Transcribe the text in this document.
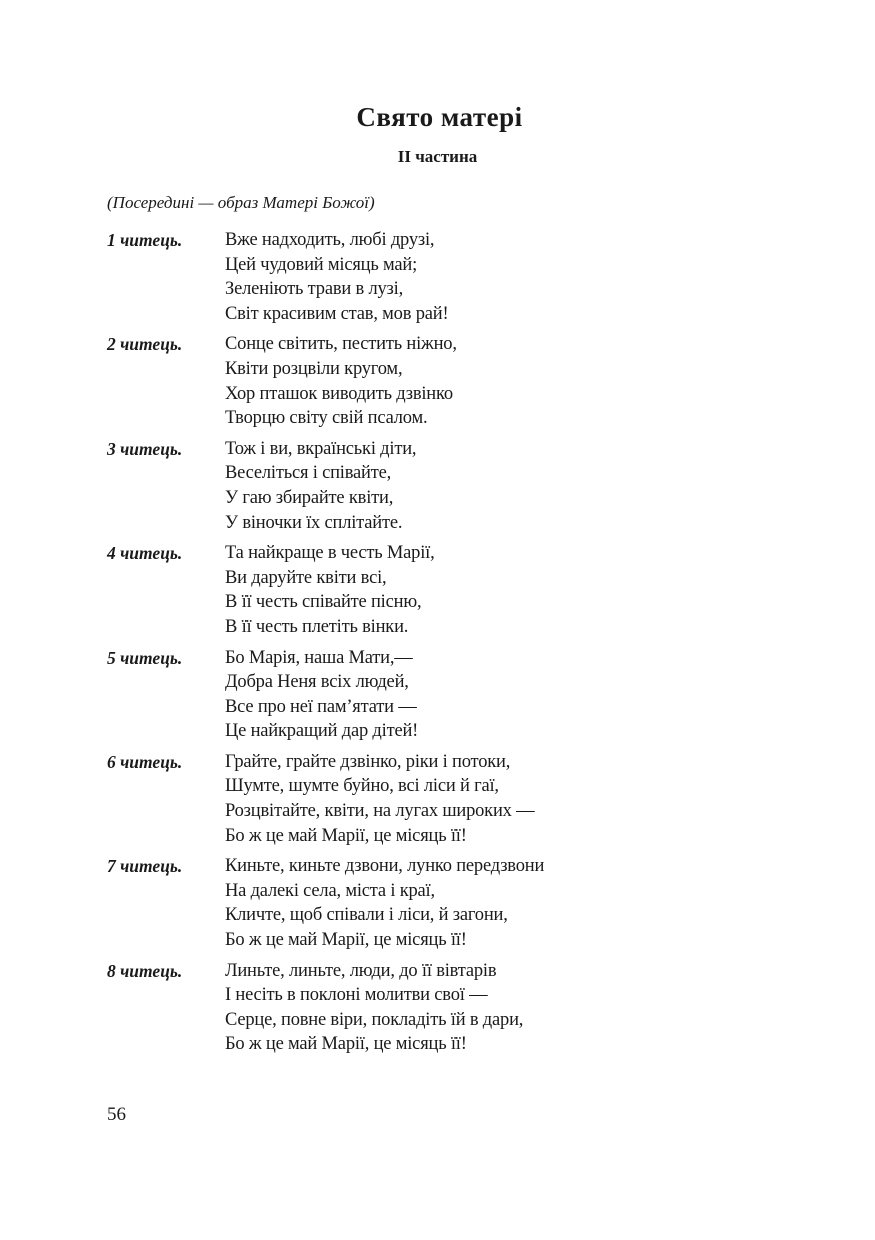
Свято матері
II частина
(Посередині — образ Матері Божої)
1 читець.	Вже надходить, любі друзі,
Цей чудовий місяць май;
Зеленіють трави в лузі,
Світ красивим став, мов рай!
2 читець.	Сонце світить, пестить ніжно,
Квіти розцвіли кругом,
Хор пташок виводить дзвінко
Творцю світу свій псалом.
3 читець.	Тож і ви, вкраїнські діти,
Веселіться і співайте,
У гаю збирайте квіти,
У віночки їх сплітайте.
4 читець.	Та найкраще в честь Марії,
Ви даруйте квіти всі,
В її честь співайте пісню,
В її честь плетіть вінки.
5 читець.	Бо Марія, наша Мати,—
Добра Неня всіх людей,
Все про неї пам’ятати —
Це найкращий дар дітей!
6 читець.	Грайте, грайте дзвінко, ріки і потоки,
Шумте, шумте буйно, всі ліси й гаї,
Розцвітайте, квіти, на лугах широких —
Бо ж це май Марії, це місяць її!
7 читець.	Киньте, киньте дзвони, лунко передзвони
На далекі села, міста і краї,
Кличте, щоб співали і ліси, й загони,
Бо ж це май Марії, це місяць її!
8 читець.	Линьте, линьте, люди, до її вівтарів
І несіть в поклоні молитви свої —
Серце, повне віри, покладіть їй в дари,
Бо ж це май Марії, це місяць її!
56
